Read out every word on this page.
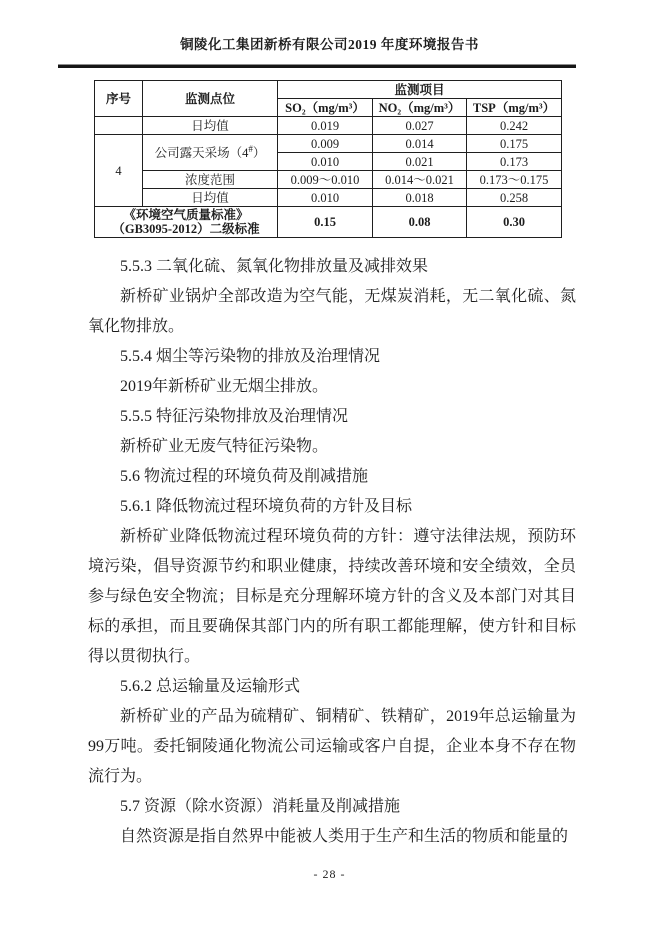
铜陵化工集团新桥有限公司2019 年度环境报告书
序号	监测点位	监测项目		
		SO₂（mg/m³）	NO₂（mg/m³）	TSP（mg/m³）
	日均值	0.019	0.027	0.242
4	公司露天采场（4#）	0.009	0.014	0.175
		0.010	0.021	0.173
	浓度范围	0.009～0.010	0.014～0.021	0.173～0.175
	日均值	0.010	0.018	0.258
《环境空气质量标准》（GB3095-2012）二级标准		0.15	0.08	0.30

5.5.3 二氧化硫、氮氧化物排放量及减排效果

新桥矿业锅炉全部改造为空气能，无煤炭消耗，无二氧化硫、氮氧化物排放。

5.5.4 烟尘等污染物的排放及治理情况

2019年新桥矿业无烟尘排放。

5.5.5 特征污染物排放及治理情况

新桥矿业无废气特征污染物。

5.6 物流过程的环境负荷及削减措施

5.6.1 降低物流过程环境负荷的方针及目标

新桥矿业降低物流过程环境负荷的方针：遵守法律法规，预防环境污染，倡导资源节约和职业健康，持续改善环境和安全绩效，全员参与绿色安全物流；目标是充分理解环境方针的含义及本部门对其目标的承担，而且要确保其部门内的所有职工都能理解，使方针和目标得以贯彻执行。

5.6.2 总运输量及运输形式

新桥矿业的产品为硫精矿、铜精矿、铁精矿，2019年总运输量为99万吨。委托铜陵通化物流公司运输或客户自提，企业本身不存在物流行为。

5.7 资源（除水资源）消耗量及削减措施

自然资源是指自然界中能被人类用于生产和生活的物质和能量的

- 28 -
